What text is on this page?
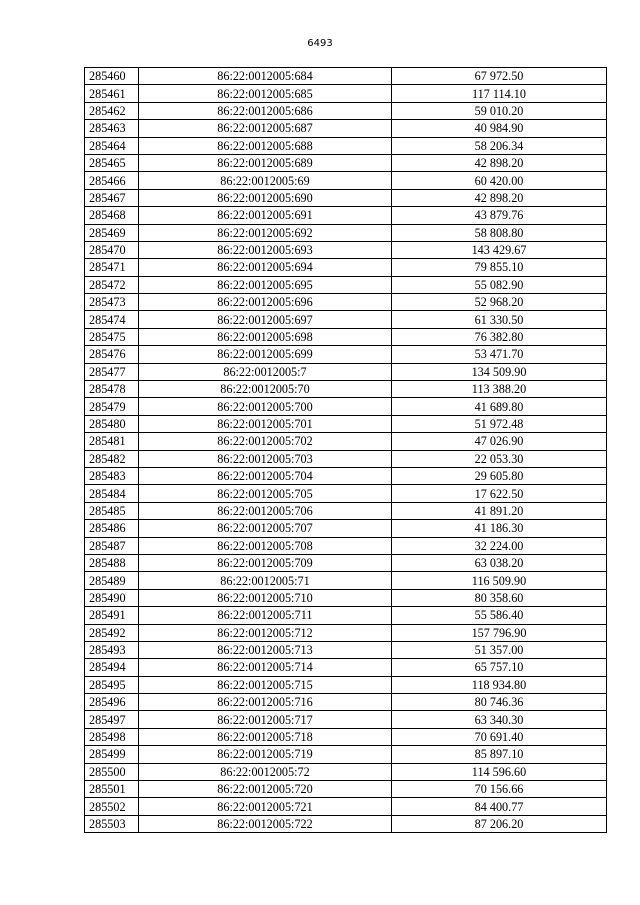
6493
285460	86:22:0012005:684	67 972.50
285461	86:22:0012005:685	117 114.10
285462	86:22:0012005:686	59 010.20
285463	86:22:0012005:687	40 984.90
285464	86:22:0012005:688	58 206.34
285465	86:22:0012005:689	42 898.20
285466	86:22:0012005:69	60 420.00
285467	86:22:0012005:690	42 898.20
285468	86:22:0012005:691	43 879.76
285469	86:22:0012005:692	58 808.80
285470	86:22:0012005:693	143 429.67
285471	86:22:0012005:694	79 855.10
285472	86:22:0012005:695	55 082.90
285473	86:22:0012005:696	52 968.20
285474	86:22:0012005:697	61 330.50
285475	86:22:0012005:698	76 382.80
285476	86:22:0012005:699	53 471.70
285477	86:22:0012005:7	134 509.90
285478	86:22:0012005:70	113 388.20
285479	86:22:0012005:700	41 689.80
285480	86:22:0012005:701	51 972.48
285481	86:22:0012005:702	47 026.90
285482	86:22:0012005:703	22 053.30
285483	86:22:0012005:704	29 605.80
285484	86:22:0012005:705	17 622.50
285485	86:22:0012005:706	41 891.20
285486	86:22:0012005:707	41 186.30
285487	86:22:0012005:708	32 224.00
285488	86:22:0012005:709	63 038.20
285489	86:22:0012005:71	116 509.90
285490	86:22:0012005:710	80 358.60
285491	86:22:0012005:711	55 586.40
285492	86:22:0012005:712	157 796.90
285493	86:22:0012005:713	51 357.00
285494	86:22:0012005:714	65 757.10
285495	86:22:0012005:715	118 934.80
285496	86:22:0012005:716	80 746.36
285497	86:22:0012005:717	63 340.30
285498	86:22:0012005:718	70 691.40
285499	86:22:0012005:719	85 897.10
285500	86:22:0012005:72	114 596.60
285501	86:22:0012005:720	70 156.66
285502	86:22:0012005:721	84 400.77
285503	86:22:0012005:722	87 206.20
